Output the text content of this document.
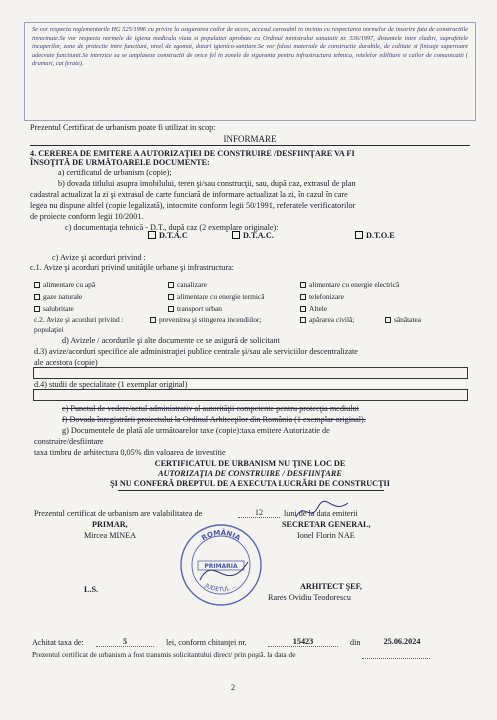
Se vor respecta reglementarile HG 525/1996 cu privire la asigurarea cailor de acces, accesul carosabil in incinta cu respectarea normelor de insorire fata de constructiile invecinate.Se vor respecta normele de igiena medicala viata si populatiei aprobate cu Ordinul ministrului sanatatii nr. 536/1997, distantele intre cladiri, suprafetele incaperilor, zone de protectie intre functiuni, nivel de zgomot, dotari igienico-sanitare.Se vor folosi materiale de constructie durabile, de calitate si finisaje superioare adecvate functiunii.Se interzice sa se amplaseze constructii de orice fel in zonele de siguranta pentru infrastructura tehnica, retelelor edilitare si cailor de comunicatii ( drumuri, cai ferate).
Prezentul Certificat de urbanism poate fi utilizat in scop:
INFORMARE
4. CEREREA DE EMITERE A AUTORIZAŢIEI DE CONSTRUIRE /DESFIINŢARE VA FI
ÎNSOŢITĂ DE URMĂTOARELE DOCUMENTE:
a) certificatul de urbanism (copie);
b) dovada titlului asupra imobilului, teren şi/sau construcţii, sau, după caz, extrasul de plan
cadastral actualizat la zi şi extrasul de carte funciară de informare actualizat la zi, în cazul în care
legea nu dispune altfel (copie legalizată), intocmite conform legii 50/1991, referatele verificatorilor
de proiecte conform legii 10/2001.
c) documentaţia tehnică - D.T., după caz (2 exemplare originale):
D.T.A.C	D.T.A.C.	D.T.O.E
c) Avize şi acorduri privind :
c.1. Avize şi acorduri privind unităţile urbane şi infrastructura:
alimentare cu apă	canalizare	alimentare cu energie electrică
gaze naturale	alimentare cu energie termică	telefonizare
salubritate	transport urban	Altele
c.2. Avize şi acorduri privind :	prevenirea şi stingerea incendiilor;	apărarea civilă;	sănătatea
populaţiei
d) Avizele / acordurile şi alte documente ce se asigură de solicitant
d.3) avize/acorduri specifice ale administraţiei publice centrale şi/sau ale serviciilor descentralizate
ale acestora (copie)
d.4) studii de specialitate (1 exemplar original)
e) Punctul de vedere/actul administrativ al autorităţii competente pentru protecţia mediului
f) Dovada înregistrării proiectului la Ordinul Arhitecţilor din România (1 exemplar original).
g) Documentele de plată ale următoarelor taxe (copie):taxa emitere Autorizatie de
construire/desfiintare
taxa timbru de arhitectura 0,05% din valoarea de investitie
CERTIFICATUL DE URBANISM NU ŢINE LOC DE
AUTORIZAŢIA DE CONSTRUIRE / DESFIINŢARE
ŞI NU CONFERĂ DREPTUL DE A EXECUTA LUCRĂRI DE CONSTRUCŢII
Prezentul certificat de urbanism are valabilitatea de	12	luni de la data emiterii
PRIMAR,
Mircea MINEA
SECRETAR GENERAL,
Ionel Florin NAE
ROMÂNIA
PRIMARIA
JUDETUL ...
L.S.	ARHITECT ŞEF,
Rares Ovidiu Teodorescu
Achitat taxa de:	5	lei, conform chitanţei nr.	15423	din	25.06.2024
Prezentul certificat de urbanism a fost transmis solicitantului direct/ prin poştă. la data de
2
